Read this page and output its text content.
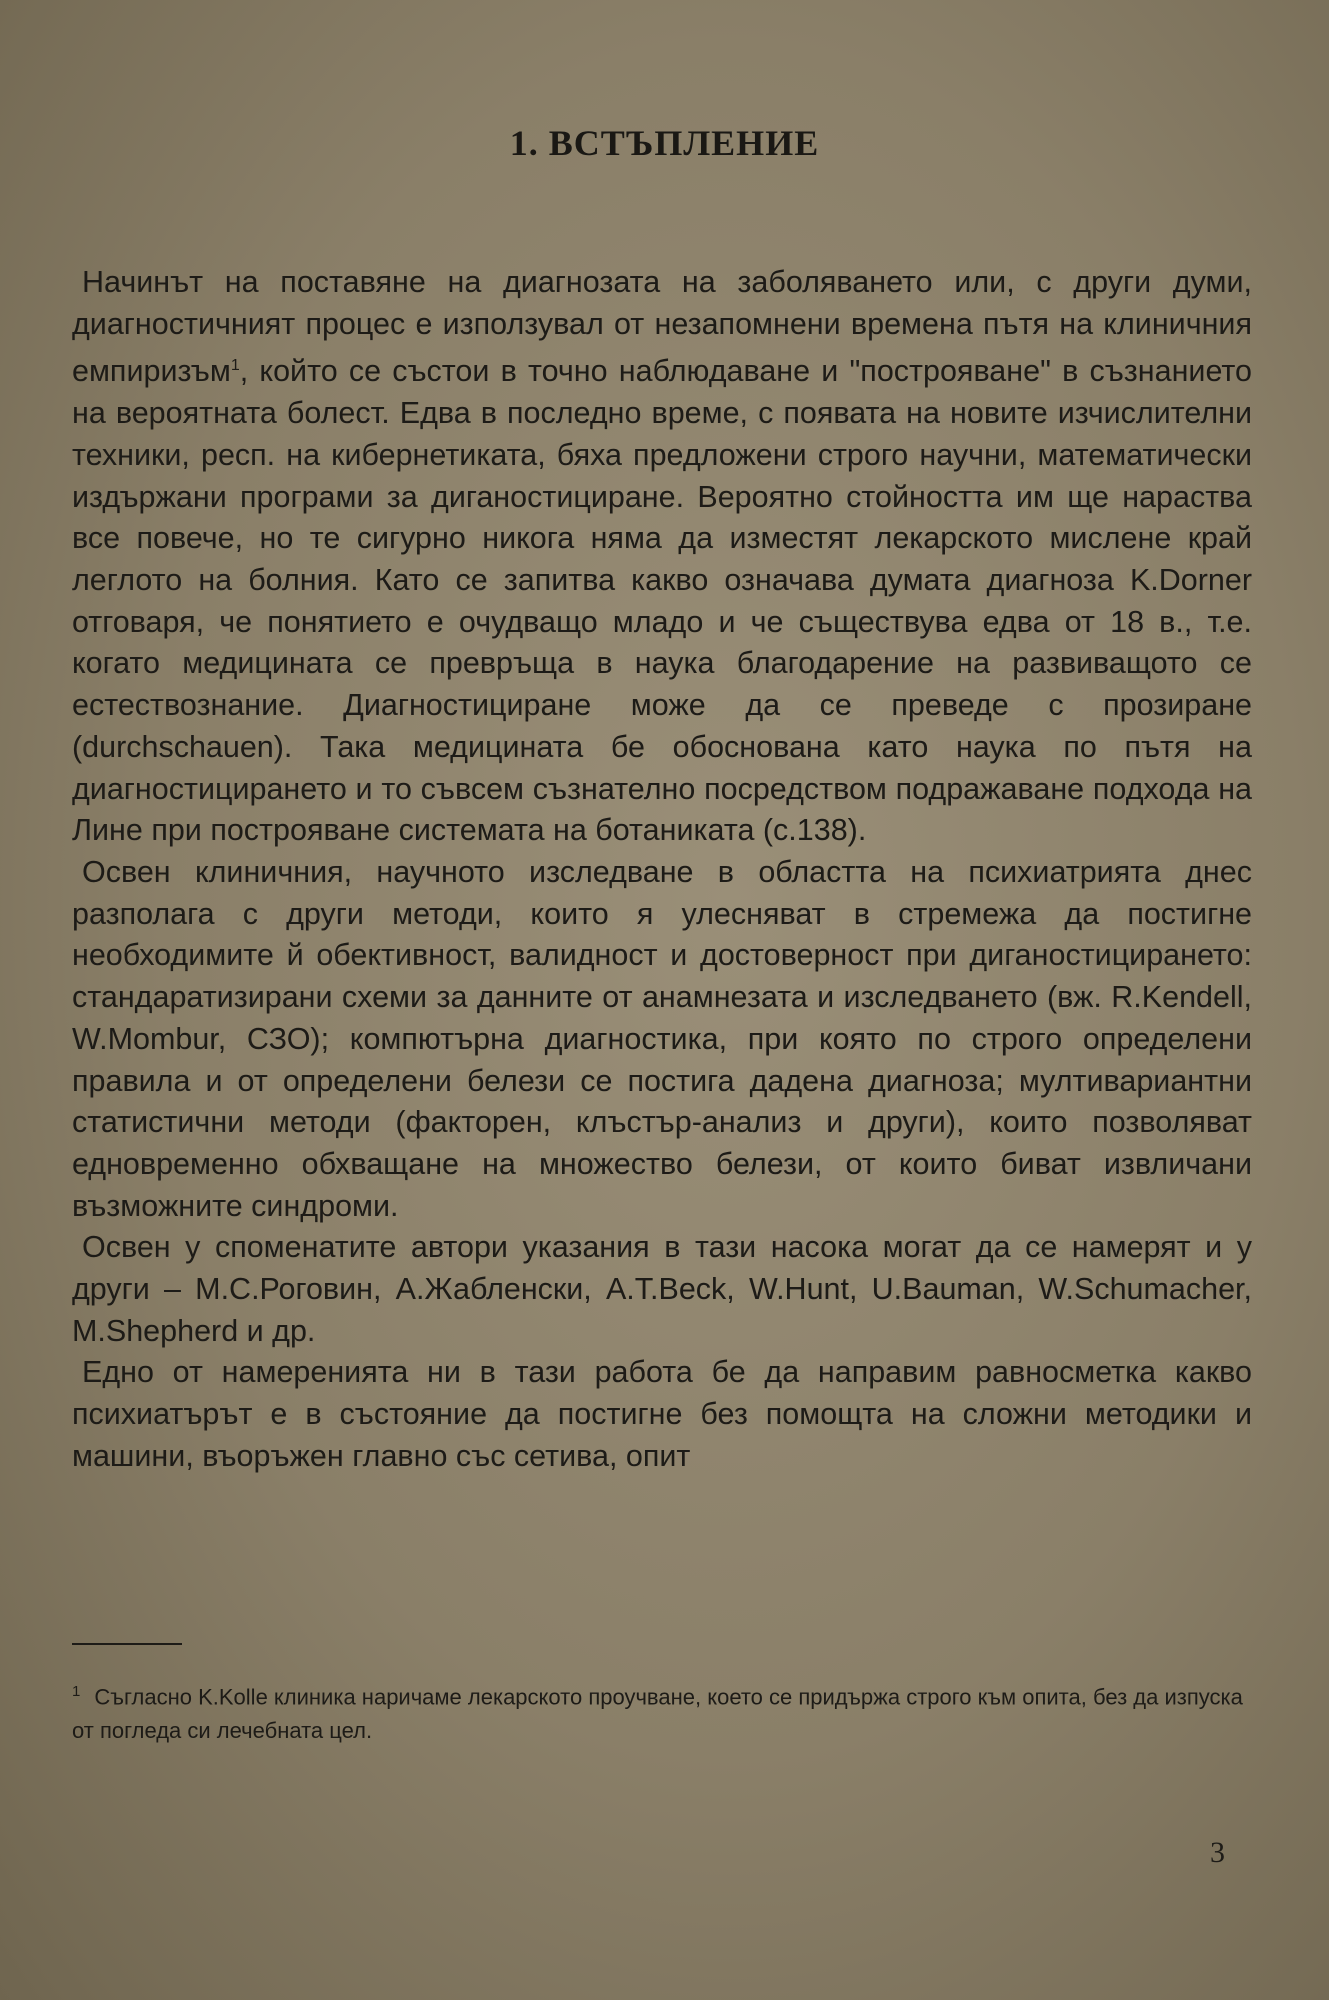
1. ВСТЪПЛЕНИЕ

Начинът на поставяне на диагнозата на заболяването или, с други думи, диагностичният процес е използувал от незапомнени времена пътя на клиничния емпиризъм$^1$, който се състои в точно наблюдаване и "построяване" в съзнанието на вероятната болест. Едва в последно време, с появата на новите изчислителни техники, респ. на кибернетиката, бяха предложени строго научни, математически издържани програми за диганостициране. Вероятно стойността им ще нараства все повече, но те сигурно никога няма да изместят лекарското мислене край леглото на болния. Като се запитва какво означава думата диагноза K.Dorner отговаря, че понятието е очудващо младо и че съществува едва от 18 в., т.е. когато медицината се превръща в наука благодарение на развиващото се естествознание. Диагностициране може да се преведе с прозиране (durchschauen). Така медицината бе обоснована като наука по пътя на диагностицирането и то съвсем съзнателно посредством подражаване подхода на Лине при построяване системата на ботаниката (с.138).

Освен клиничния, научното изследване в областта на психиатрията днес разполага с други методи, които я улесняват в стремежа да постигне необходимите й обективност, валидност и достоверност при диганостицирането: стандаратизирани схеми за данните от анамнезата и изследването (вж. R.Kendell, W.Mombur, СЗО); компютърна диагностика, при която по строго определени правила и от определени белези се постига дадена диагноза; мултивариантни статистични методи (факторен, клъстър-анализ и други), които позволяват едновременно обхващане на множество белези, от които биват извличани възможните синдроми.

Освен у споменатите автори указания в тази насока могат да се намерят и у други – М.С.Роговин, А.Жабленски, A.T.Beck, W.Hunt, U.Bauman, W.Schumacher, M.Shepherd и др.

Едно от намеренията ни в тази работа бе да направим равносметка какво психиатърът е в състояние да постигне без помощта на сложни методики и машини, въоръжен главно със сетива, опит

$^1$ Съгласно K.Kolle клиника наричаме лекарското проучване, което се придържа строго към опита, без да изпуска от погледа си лечебната цел.
3
